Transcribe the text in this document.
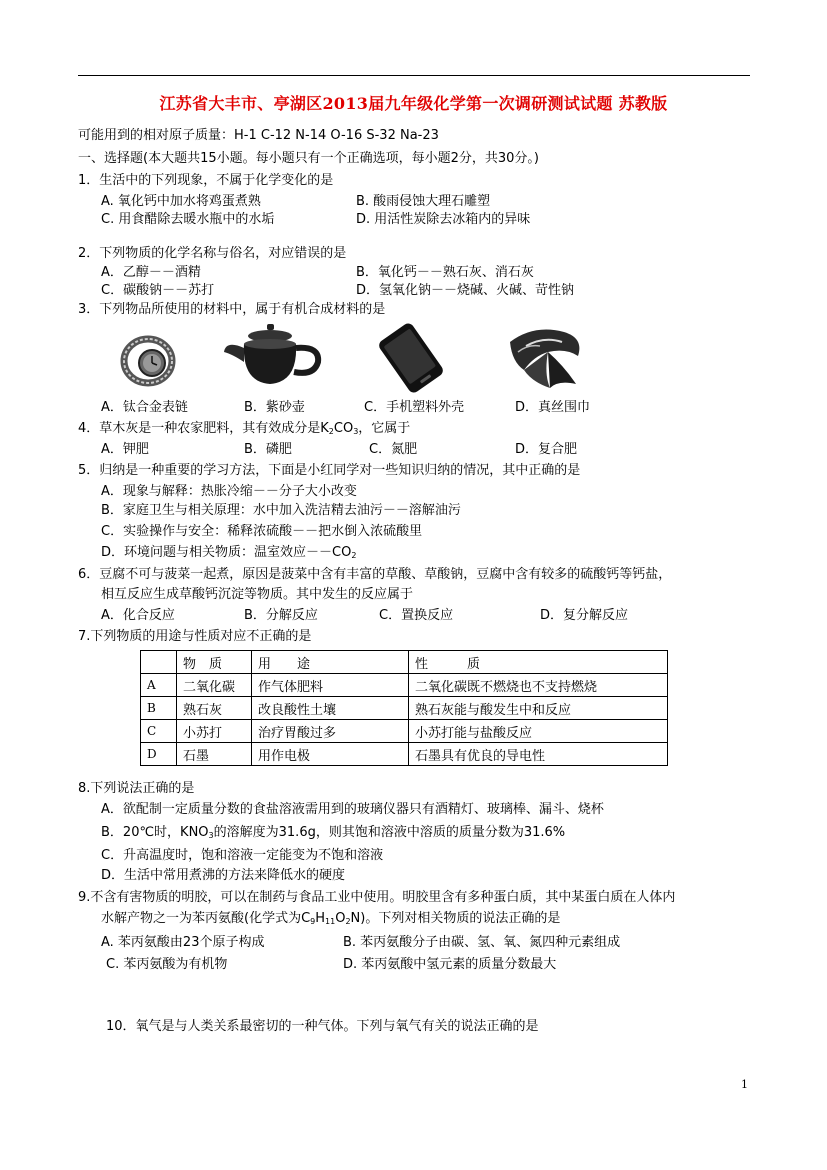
江苏省大丰市、亭湖区2013届九年级化学第一次调研测试试题 苏教版
可能用到的相对原子质量：H-1 C-12 N-14 O-16 S-32 Na-23
一、选择题(本大题共15小题。每小题只有一个正确选项，每小题2分，共30分。)
1．生活中的下列现象，不属于化学变化的是
A. 氧化钙中加水将鸡蛋煮熟	B. 酸雨侵蚀大理石雕塑
C. 用食醋除去暖水瓶中的水垢	D. 用活性炭除去冰箱内的异味
2．下列物质的化学名称与俗名，对应错误的是
A．乙醇－－酒精	B．氧化钙－－熟石灰、消石灰
C．碳酸钠－－苏打	D．氢氧化钠－－烧碱、火碱、苛性钠
3．下列物品所使用的材料中，属于有机合成材料的是
A．钛合金表链	B．紫砂壶	C．手机塑料外壳	D．真丝围巾
4．草木灰是一种农家肥料，其有效成分是$K_2CO_3$，它属于
A．钾肥	B．磷肥	C．氮肥	D．复合肥
5．归纳是一种重要的学习方法，下面是小红同学对一些知识归纳的情况，其中正确的是
A．现象与解释：热胀冷缩－－分子大小改变
B．家庭卫生与相关原理：水中加入洗洁精去油污－－溶解油污
C．实验操作与安全：稀释浓硫酸－－把水倒入浓硫酸里
D．环境问题与相关物质：温室效应$--CO_2$
6．豆腐不可与菠菜一起煮，原因是菠菜中含有丰富的草酸、草酸钠，豆腐中含有较多的硫酸钙等钙盐，
相互反应生成草酸钙沉淀等物质。其中发生的反应属于
A．化合反应	B．分解反应	C．置换反应	D．复分解反应
7.下列物质的用途与性质对应不正确的是
	物　质	用　　途	性　　　质
A	二氧化碳	作气体肥料	二氧化碳既不燃烧也不支持燃烧
B	熟石灰	改良酸性土壤	熟石灰能与酸发生中和反应
C	小苏打	治疗胃酸过多	小苏打能与盐酸反应
D	石墨	用作电极	石墨具有优良的导电性
8.下列说法正确的是
A．欲配制一定质量分数的食盐溶液需用到的玻璃仪器只有酒精灯、玻璃棒、漏斗、烧杯
B．20℃时，$KNO_3$的溶解度为31.6g，则其饱和溶液中溶质的质量分数为31.6%
C．升高温度时，饱和溶液一定能变为不饱和溶液
D．生活中常用煮沸的方法来降低水的硬度
9.不含有害物质的明胶，可以在制药与食品工业中使用。明胶里含有多种蛋白质，其中某蛋白质在人体内
水解产物之一为苯丙氨酸(化学式为$C_9H_{11}O_2N$)。下列对相关物质的说法正确的是
A. 苯丙氨酸由23个原子构成	B. 苯丙氨酸分子由碳、氢、氧、氮四种元素组成
C. 苯丙氨酸为有机物	D. 苯丙氨酸中氢元素的质量分数最大
10．氧气是与人类关系最密切的一种气体。下列与氧气有关的说法正确的是
1
